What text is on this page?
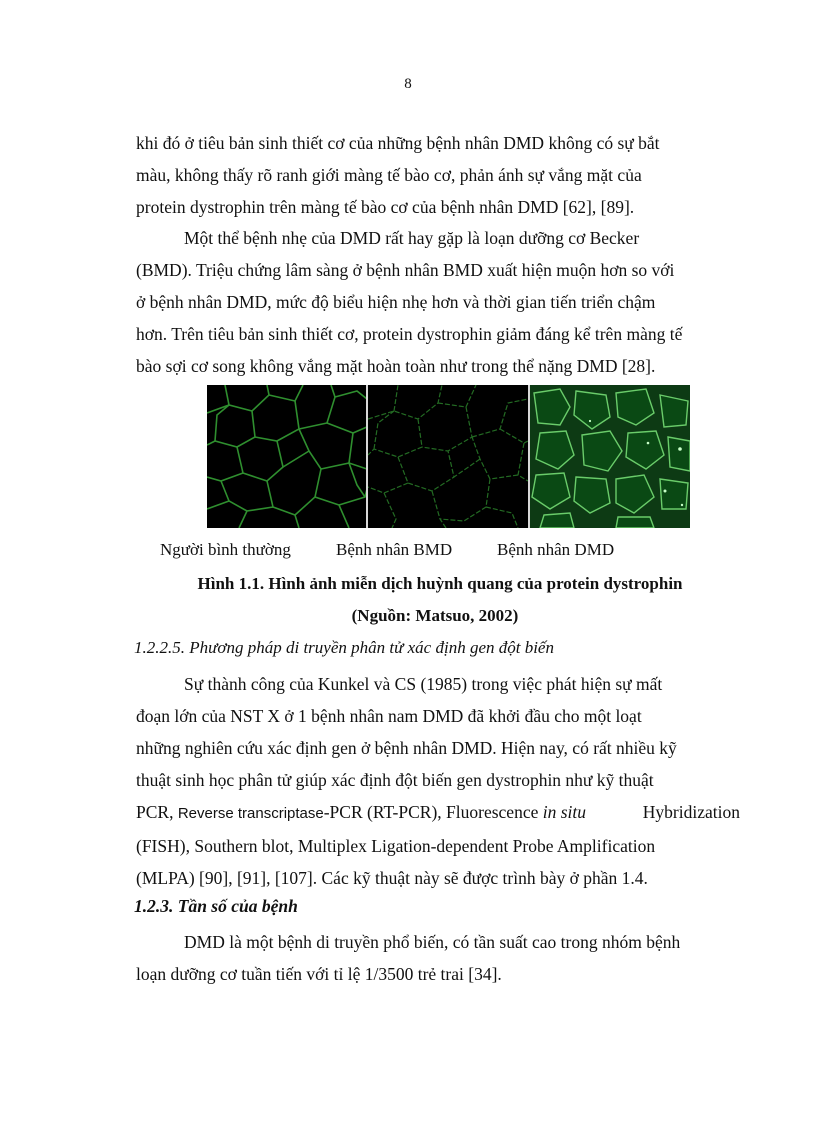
8
khi đó ở tiêu bản sinh thiết cơ của những bệnh nhân DMD không có sự bắt
màu, không thấy rõ ranh giới màng tế bào cơ, phản ánh sự vắng mặt của
protein dystrophin trên màng tế bào cơ của bệnh nhân DMD [62], [89].
Một thể bệnh nhẹ của DMD rất hay gặp là loạn dưỡng cơ Becker
(BMD). Triệu chứng lâm sàng ở bệnh nhân BMD xuất hiện muộn hơn so với
ở bệnh nhân DMD, mức độ biểu hiện nhẹ hơn và thời gian tiến triển chậm
hơn. Trên tiêu bản sinh thiết cơ, protein dystrophin giảm đáng kể trên màng tế
bào sợi cơ song không vắng mặt hoàn toàn như trong thể nặng DMD [28].
Người bình thường	Bệnh nhân BMD	Bệnh nhân DMD
Hình 1.1. Hình ảnh miễn dịch huỳnh quang của protein dystrophin
(Nguồn: Matsuo, 2002)
1.2.2.5. Phương pháp di truyền phân tử xác định gen đột biến
Sự thành công của Kunkel và CS (1985) trong việc phát hiện sự mất
đoạn lớn của NST X ở 1 bệnh nhân nam DMD đã khởi đầu cho một loạt
những nghiên cứu xác định gen ở bệnh nhân DMD. Hiện nay, có rất nhiều kỹ
thuật sinh học phân tử giúp xác định đột biến gen dystrophin như kỹ thuật
PCR, Reverse transcriptase-PCR (RT-PCR), Fluorescence in situ	Hybridization
(FISH), Southern blot, Multiplex Ligation-dependent Probe Amplification
(MLPA) [90], [91], [107]. Các kỹ thuật này sẽ được trình bày ở phần 1.4.
1.2.3. Tần số của bệnh
DMD là một bệnh di truyền phổ biến, có tần suất cao trong nhóm bệnh
loạn dưỡng cơ tuần tiến với tỉ lệ 1/3500 trẻ trai [34].
